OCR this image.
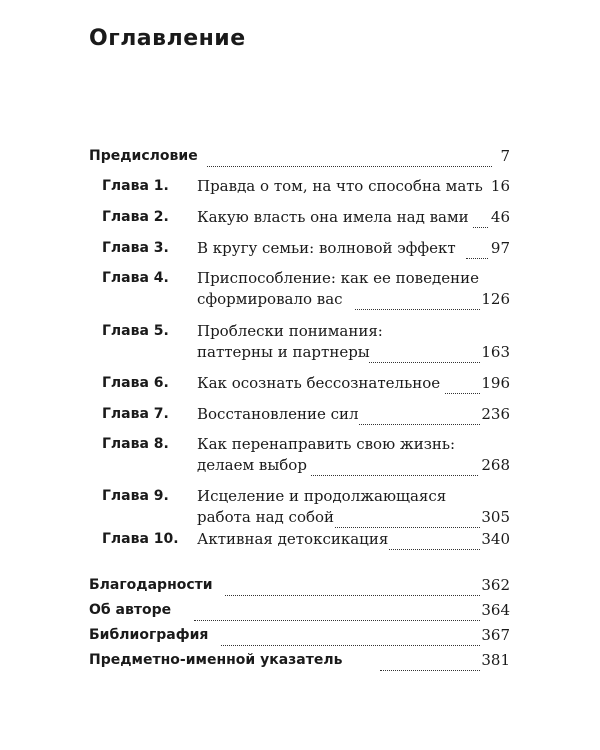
Оглавление
Предисловие	7
Глава 1. Правда о том, на что способна мать 16
Глава 2. Какую власть она имела над вами 46
Глава 3. В кругу семьи: волновой эффект 97
Глава 4. Приспособление: как ее поведение
сформировало вас	126
Глава 5. Проблески понимания:
паттерны и партнеры	163
Глава 6. Как осознать бессознательное	196
Глава 7. Восстановление сил	236
Глава 8. Как перенаправить свою жизнь:
делаем выбор	268
Глава 9. Исцеление и продолжающаяся
работа над собой	305
Глава 10. Активная детоксикация	340
Благодарности	362
Об авторе	364
Библиография	367
Предметно-именной указатель	381
